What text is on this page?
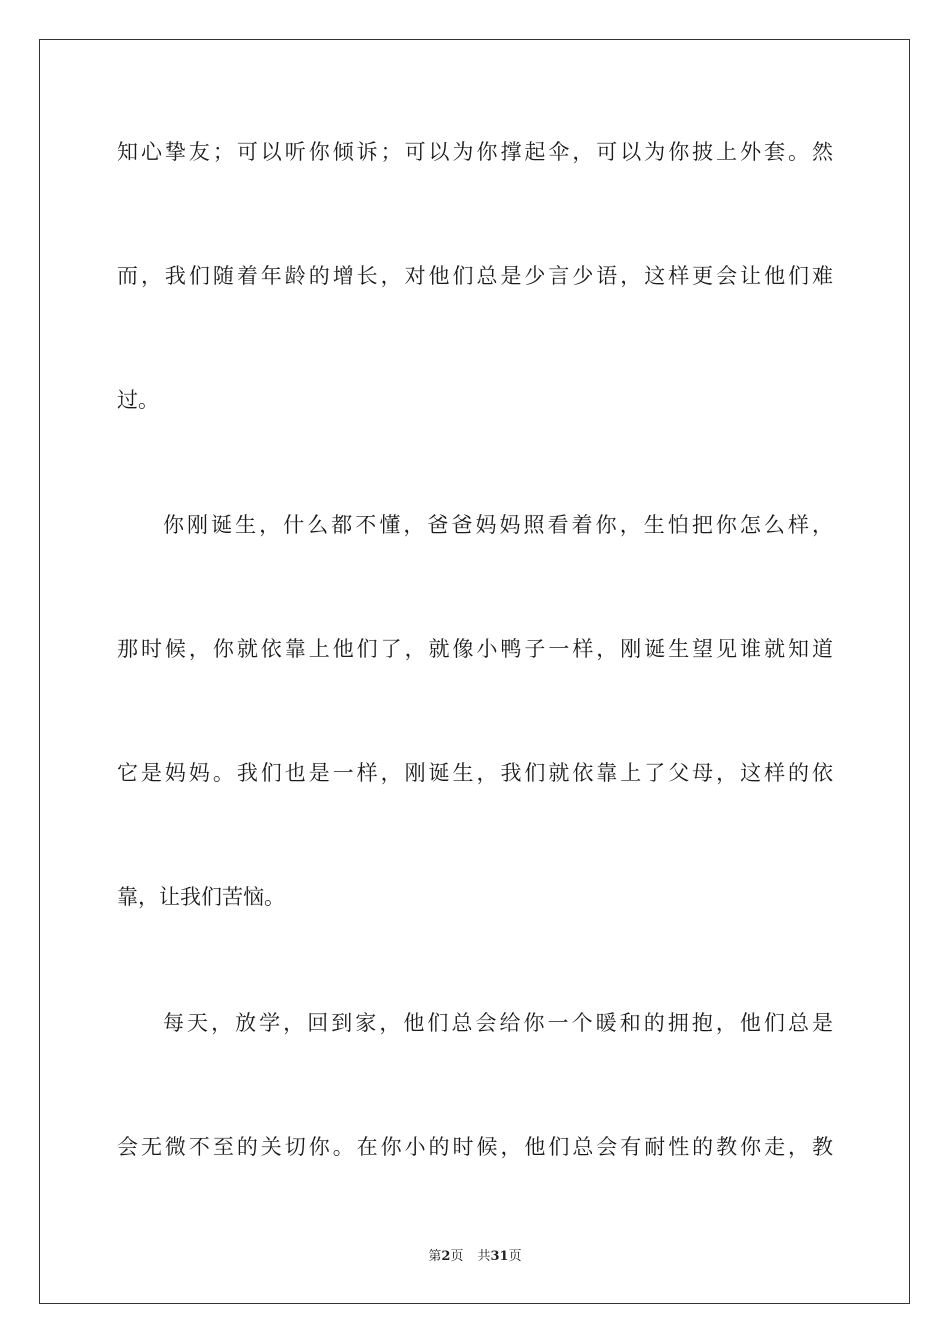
知心挚友；可以听你倾诉；可以为你撑起伞，可以为你披上外套。然
而，我们随着年龄的增长，对他们总是少言少语，这样更会让他们难
过。
你刚诞生，什么都不懂，爸爸妈妈照看着你，生怕把你怎么样，
那时候，你就依靠上他们了，就像小鸭子一样，刚诞生望见谁就知道
它是妈妈。我们也是一样，刚诞生，我们就依靠上了父母，这样的依
靠，让我们苦恼。
每天，放学，回到家，他们总会给你一个暖和的拥抱，他们总是
会无微不至的关切你。在你小的时候，他们总会有耐性的教你走，教
第2页 共31页
